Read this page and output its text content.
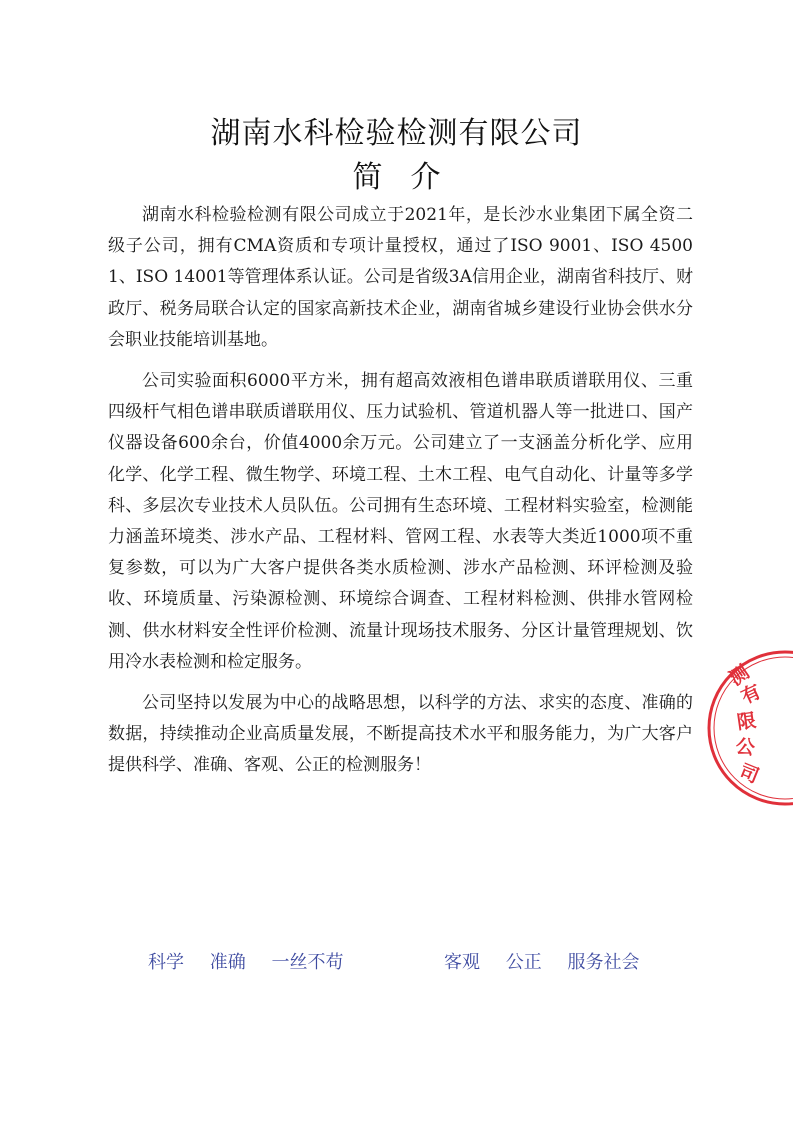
湖南水科检验检测有限公司
简介

湖南水科检验检测有限公司成立于2021年，是长沙水业集团下属全资二级子公司，拥有CMA资质和专项计量授权，通过了ISO 9001、ISO 45001、ISO 14001等管理体系认证。公司是省级3A信用企业，湖南省科技厅、财政厅、税务局联合认定的国家高新技术企业，湖南省城乡建设行业协会供水分会职业技能培训基地。

公司实验面积6000平方米，拥有超高效液相色谱串联质谱联用仪、三重四级杆气相色谱串联质谱联用仪、压力试验机、管道机器人等一批进口、国产仪器设备600余台，价值4000余万元。公司建立了一支涵盖分析化学、应用化学、化学工程、微生物学、环境工程、土木工程、电气自动化、计量等多学科、多层次专业技术人员队伍。公司拥有生态环境、工程材料实验室，检测能力涵盖环境类、涉水产品、工程材料、管网工程、水表等大类近1000项不重复参数，可以为广大客户提供各类水质检测、涉水产品检测、环评检测及验收、环境质量、污染源检测、环境综合调查、工程材料检测、供排水管网检测、供水材料安全性评价检测、流量计现场技术服务、分区计量管理规划、饮用冷水表检测和检定服务。

公司坚持以发展为中心的战略思想，以科学的方法、求实的态度、准确的数据，持续推动企业高质量发展，不断提高技术水平和服务能力，为广大客户提供科学、准确、客观、公正的检测服务！

科学 准确 一丝不苟	客观 公正 服务社会
测
有
限
公
司
